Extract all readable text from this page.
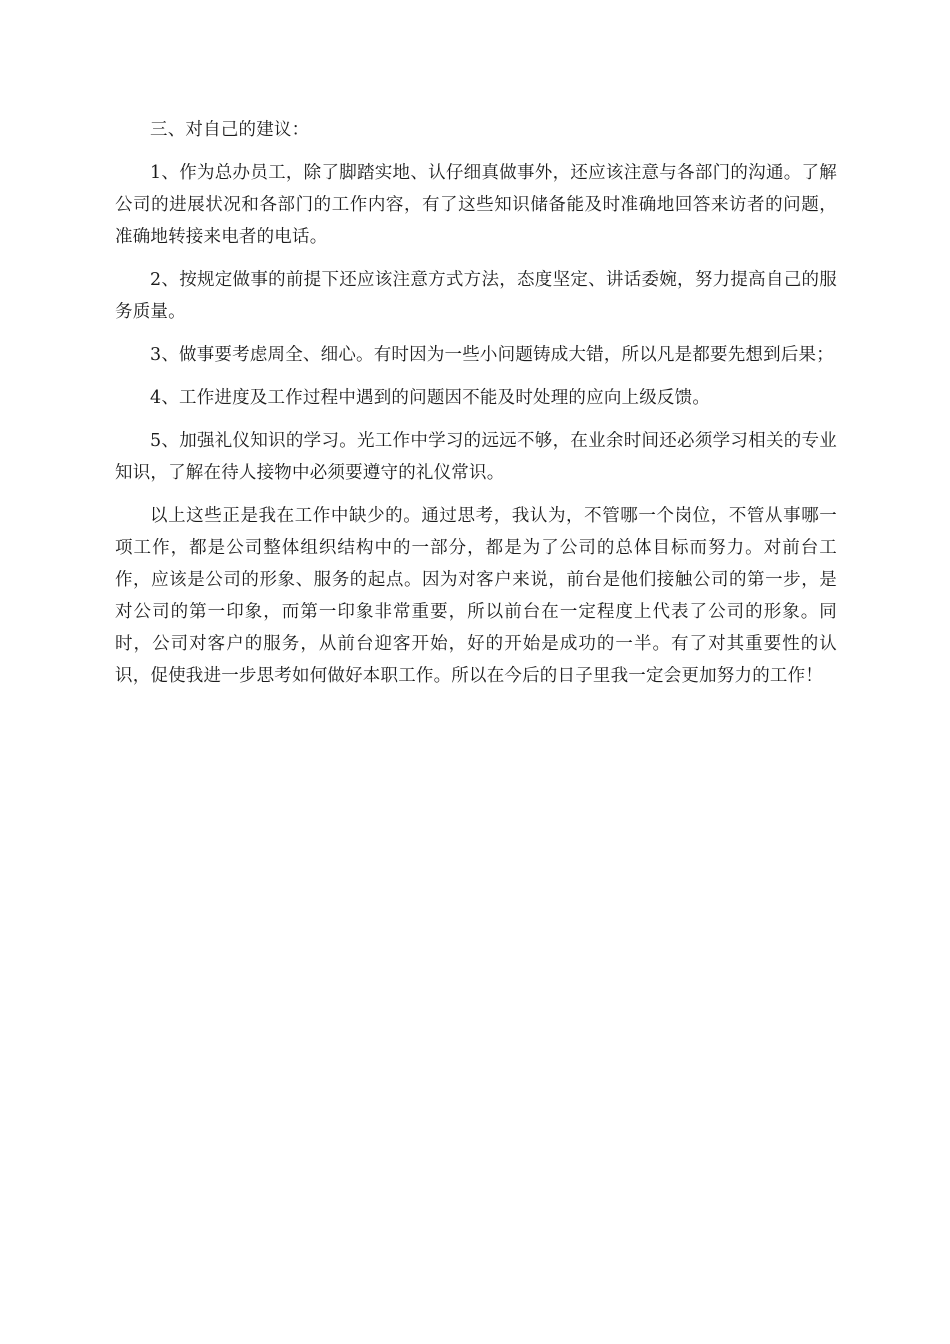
三、对自己的建议：

1、作为总办员工，除了脚踏实地、认仔细真做事外，还应该注意与各部门的沟通。了解公司的进展状况和各部门的工作内容，有了这些知识储备能及时准确地回答来访者的问题，准确地转接来电者的电话。

2、按规定做事的前提下还应该注意方式方法，态度坚定、讲话委婉，努力提高自己的服务质量。

3、做事要考虑周全、细心。有时因为一些小问题铸成大错，所以凡是都要先想到后果；

4、工作进度及工作过程中遇到的问题因不能及时处理的应向上级反馈。

5、加强礼仪知识的学习。光工作中学习的远远不够，在业余时间还必须学习相关的专业知识，了解在待人接物中必须要遵守的礼仪常识。

以上这些正是我在工作中缺少的。通过思考，我认为，不管哪一个岗位，不管从事哪一项工作，都是公司整体组织结构中的一部分，都是为了公司的总体目标而努力。对前台工作，应该是公司的形象、服务的起点。因为对客户来说，前台是他们接触公司的第一步，是对公司的第一印象，而第一印象非常重要，所以前台在一定程度上代表了公司的形象。同时，公司对客户的服务，从前台迎客开始，好的开始是成功的一半。有了对其重要性的认识，促使我进一步思考如何做好本职工作。所以在今后的日子里我一定会更加努力的工作！
